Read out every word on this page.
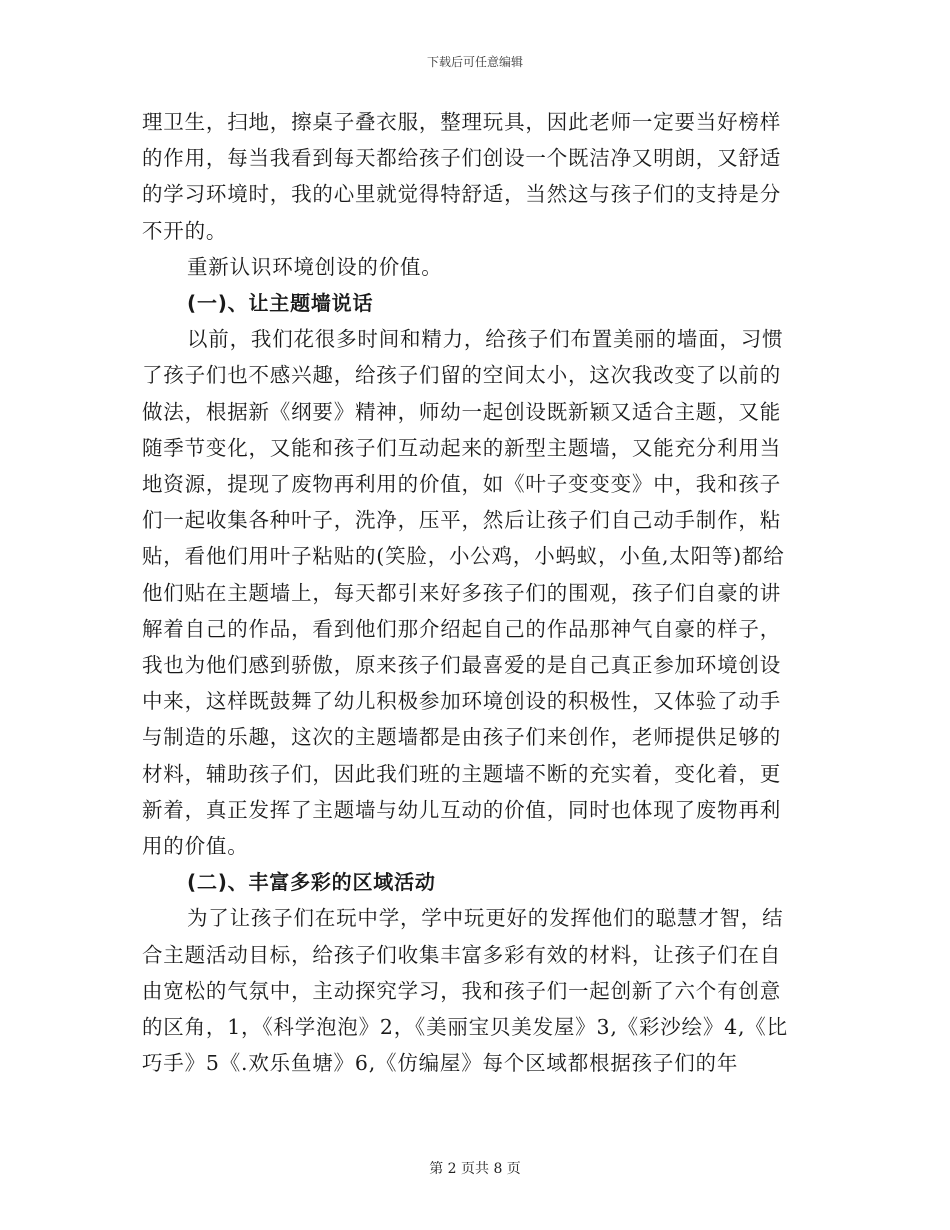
下载后可任意编辑

理卫生，扫地，擦桌子叠衣服，整理玩具，因此老师一定要当好榜样的作用，每当我看到每天都给孩子们创设一个既洁净又明朗，又舒适的学习环境时，我的心里就觉得特舒适，当然这与孩子们的支持是分不开的。

重新认识环境创设的价值。

(一)、让主题墙说话

以前，我们花很多时间和精力，给孩子们布置美丽的墙面，习惯了孩子们也不感兴趣，给孩子们留的空间太小，这次我改变了以前的做法，根据新《纲要》精神，师幼一起创设既新颖又适合主题，又能随季节变化，又能和孩子们互动起来的新型主题墙，又能充分利用当地资源，提现了废物再利用的价值，如《叶子变变变》中，我和孩子们一起收集各种叶子，洗净，压平，然后让孩子们自己动手制作，粘贴，看他们用叶子粘贴的(笑脸，小公鸡，小蚂蚁，小鱼,太阳等)都给他们贴在主题墙上，每天都引来好多孩子们的围观，孩子们自豪的讲解着自己的作品，看到他们那介绍起自己的作品那神气自豪的样子，我也为他们感到骄傲，原来孩子们最喜爱的是自己真正参加环境创设中来，这样既鼓舞了幼儿积极参加环境创设的积极性，又体验了动手与制造的乐趣，这次的主题墙都是由孩子们来创作，老师提供足够的材料，辅助孩子们，因此我们班的主题墙不断的充实着，变化着，更新着，真正发挥了主题墙与幼儿互动的价值，同时也体现了废物再利用的价值。

(二)、丰富多彩的区域活动

为了让孩子们在玩中学，学中玩更好的发挥他们的聪慧才智，结合主题活动目标，给孩子们收集丰富多彩有效的材料，让孩子们在自由宽松的气氛中，主动探究学习，我和孩子们一起创新了六个有创意的区角，1，《科学泡泡》2，《美丽宝贝美发屋》3,《彩沙绘》4,《比巧手》5《.欢乐鱼塘》6,《仿编屋》每个区域都根据孩子们的年

第 2 页共 8 页
